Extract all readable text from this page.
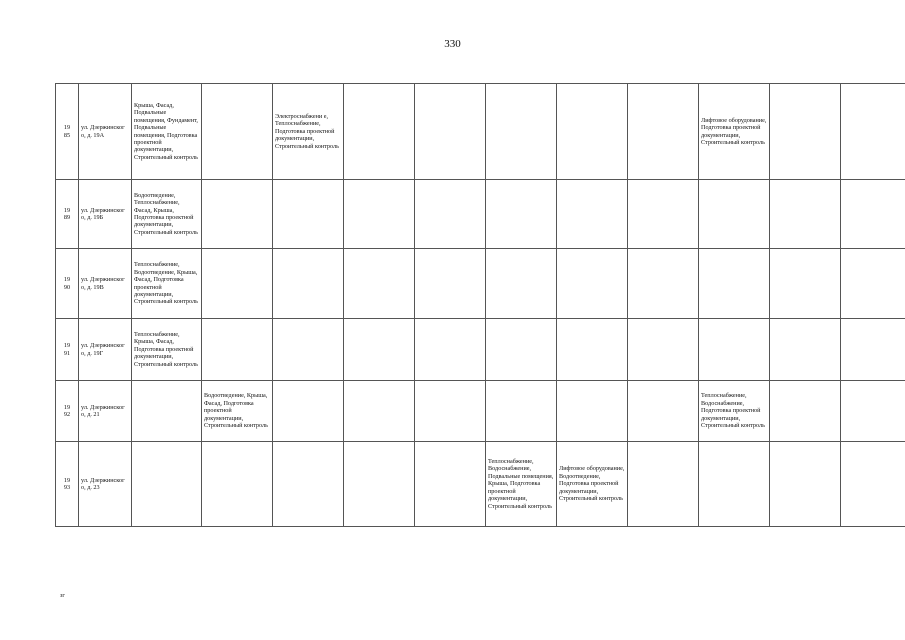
330
19
85	ул. Дзержинског о, д. 19А	Крыша, Фасад, Подвальные помещения, Фундамент, Подвальные помещения, Подготовка проектной документации, Строительный контроль		Электроснабжени е, Теплоснабжение, Подготовка проектной документации, Строительный контроль						Лифтовое оборудование, Подготовка проектной документации, Строительный контроль		
19
89	ул. Дзержинског о, д. 19Б	Водоотведение, Теплоснабжение, Фасад, Крыша, Подготовка проектной документации, Строительный контроль										
19
90	ул. Дзержинског о, д. 19В	Теплоснабжение, Водоотведение, Крыша, Фасад, Подготовка проектной документации, Строительный контроль										
19
91	ул. Дзержинског о, д. 19Г	Теплоснабжение, Крыша, Фасад, Подготовка проектной документации, Строительный контроль										
19
92	ул. Дзержинског о, д. 21		Водоотведение, Крыша, Фасад, Подготовка проектной документации, Строительный контроль							Теплоснабжение, Водоснабжение, Подготовка проектной документации, Строительный контроль		
19
93	ул. Дзержинског о, д. 23						Теплоснабжение, Водоснабжение, Подвальные помещения, Крыша, Подготовка проектной документации, Строительный контроль	Лифтовое оборудование, Водоотведение, Подготовка проектной документации, Строительный контроль				
зг
